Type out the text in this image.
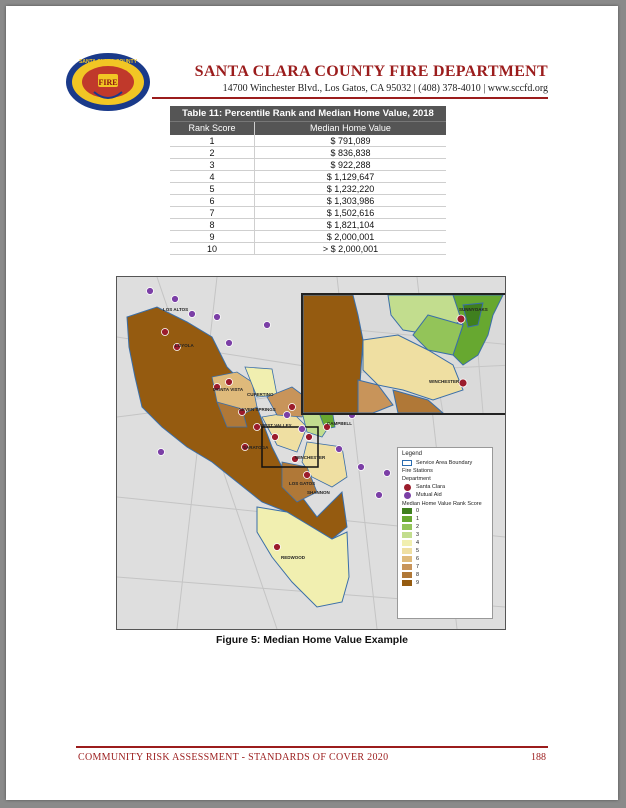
FIRE
SANTA CLARA COUNTY
SANTA CLARA COUNTY FIRE DEPARTMENT
14700 Winchester Blvd., Los Gatos, CA 95032 | (408) 378-4010 | www.sccfd.org
Table 11: Percentile Rank and Median Home Value, 2018
Rank Score	Median Home Value
1	$ 791,089
2	$ 836,838
3	$ 922,288
4	$ 1,129,647
5	$ 1,232,220
6	$ 1,303,986
7	$ 1,502,616
8	$ 1,821,104
9	$ 2,000,001
10	> $ 2,000,001
LOS ALTOS
LOYOLA
MONTA VISTA
CUPERTINO
SEVEN SPRINGS
WEST VALLEY
SARATOGA
WINCHESTER
CAMPBELL
LOS GATOS
SHANNON
REDWOOD
SUNNYOAKS
WINCHESTER
Legend
Service Area Boundary
Fire Stations
Department
Santa Clara
Mutual Aid
Median Home Value Rank Score
0
1
2
3
4
5
6
7
8
9
Figure 5: Median Home Value Example
COMMUNITY RISK ASSESSMENT - STANDARDS OF COVER 2020	188
